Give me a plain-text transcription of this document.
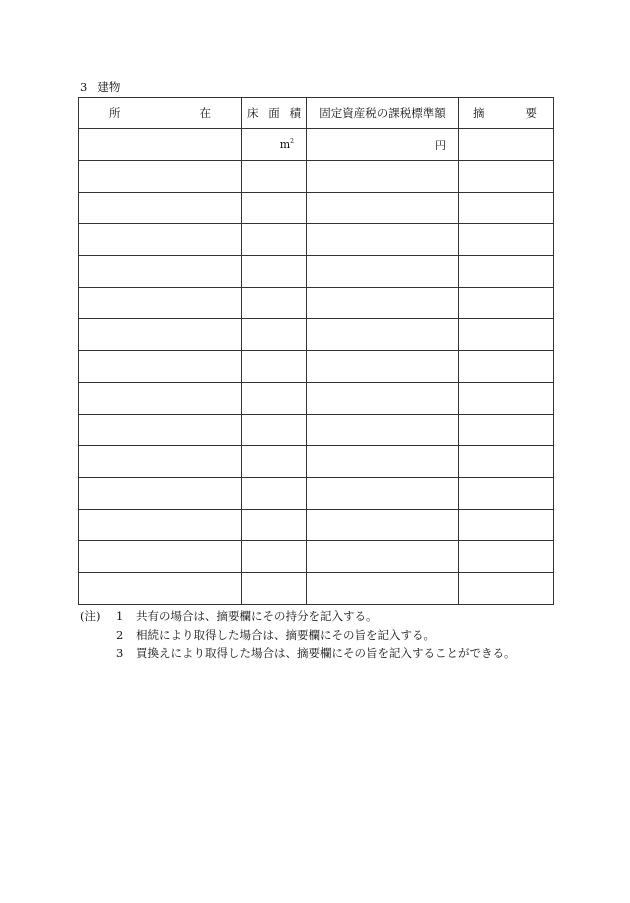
3 建物
所 在	床 面 積	固定資産税の課税標準額	摘 要

	$m^2$	円	

(注)	1	共有の場合は、摘要欄にその持分を記入する。
2	相続により取得した場合は、摘要欄にその旨を記入する。
3	買換えにより取得した場合は、摘要欄にその旨を記入することができる。
